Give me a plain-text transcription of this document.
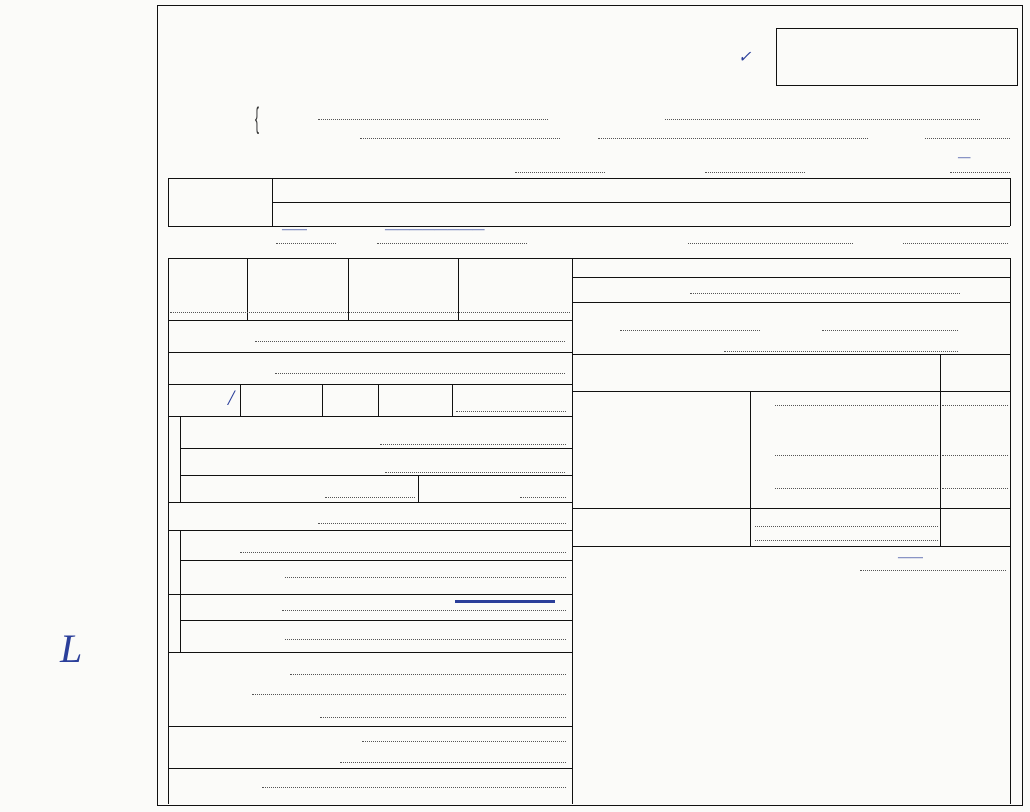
L
✓
{
—
——	————————
/
——
